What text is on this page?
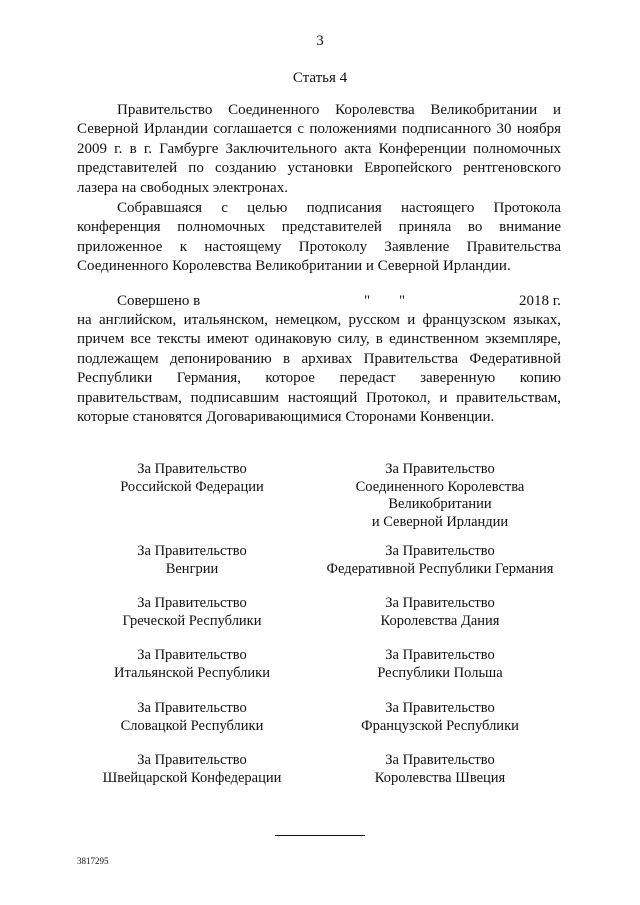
3
Статья 4

Правительство Соединенного Королевства Великобритании и Северной Ирландии соглашается с положениями подписанного 30 ноября 2009 г. в г. Гамбурге Заключительного акта Конференции полномочных представителей по созданию установки Европейского рентгеновского лазера на свободных электронах.

Собравшаяся с целью подписания настоящего Протокола конференция полномочных представителей приняла во внимание приложенное к настоящему Протоколу Заявление Правительства Соединенного Королевства Великобритании и Северной Ирландии.

Совершено в	" "	2018 г.

на английском, итальянском, немецком, русском и французском языках, причем все тексты имеют одинаковую силу, в единственном экземпляре, подлежащем депонированию в архивах Правительства Федеративной Республики Германия, которое передаст заверенную копию правительствам, подписавшим настоящий Протокол, и правительствам, которые становятся Договаривающимися Сторонами Конвенции.

За Правительство
Российской Федерации
За Правительство
Венгрии
За Правительство
Греческой Республики
За Правительство
Итальянской Республики
За Правительство
Словацкой Республики
За Правительство
Швейцарской Конфедерации
За Правительство
Соединенного Королевства
Великобритании
и Северной Ирландии
За Правительство
Федеративной Республики Германия
За Правительство
Королевства Дания
За Правительство
Республики Польша
За Правительство
Французской Республики
За Правительство
Королевства Швеция
3817295
